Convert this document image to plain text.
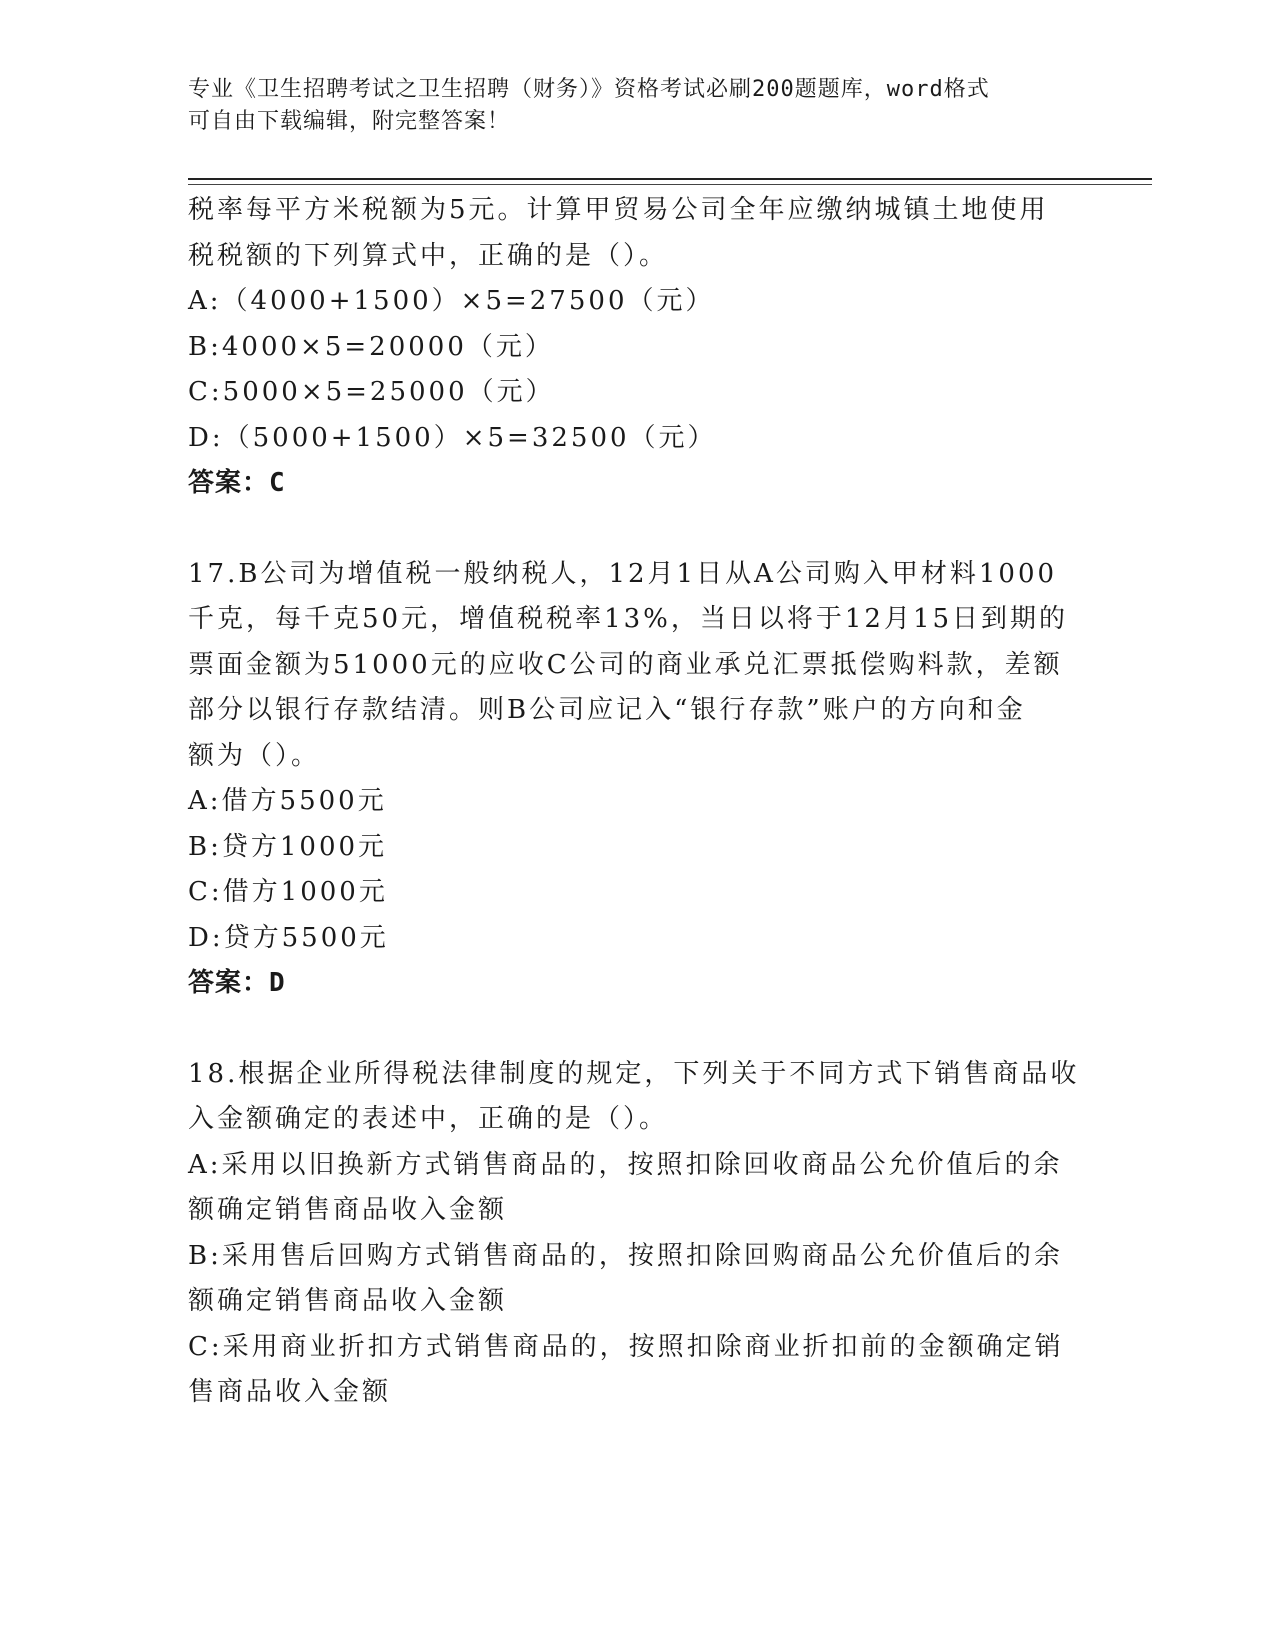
专业《卫生招聘考试之卫生招聘（财务）》资格考试必刷200题题库，word格式
可自由下载编辑，附完整答案！
税率每平方米税额为5元。计算甲贸易公司全年应缴纳城镇土地使用
税税额的下列算式中，正确的是（）。
A:（4000+1500）×5=27500（元）
B:4000×5=20000（元）
C:5000×5=25000（元）
D:（5000+1500）×5=32500（元）
答案：C
17.B公司为增值税一般纳税人，12月1日从A公司购入甲材料1000
千克，每千克50元，增值税税率13%，当日以将于12月15日到期的
票面金额为51000元的应收C公司的商业承兑汇票抵偿购料款，差额
部分以银行存款结清。则B公司应记入“银行存款”账户的方向和金
额为（）。
A:借方5500元
B:贷方1000元
C:借方1000元
D:贷方5500元
答案：D
18.根据企业所得税法律制度的规定，下列关于不同方式下销售商品收
入金额确定的表述中，正确的是（）。
A:采用以旧换新方式销售商品的，按照扣除回收商品公允价值后的余
额确定销售商品收入金额
B:采用售后回购方式销售商品的，按照扣除回购商品公允价值后的余
额确定销售商品收入金额
C:采用商业折扣方式销售商品的，按照扣除商业折扣前的金额确定销
售商品收入金额
